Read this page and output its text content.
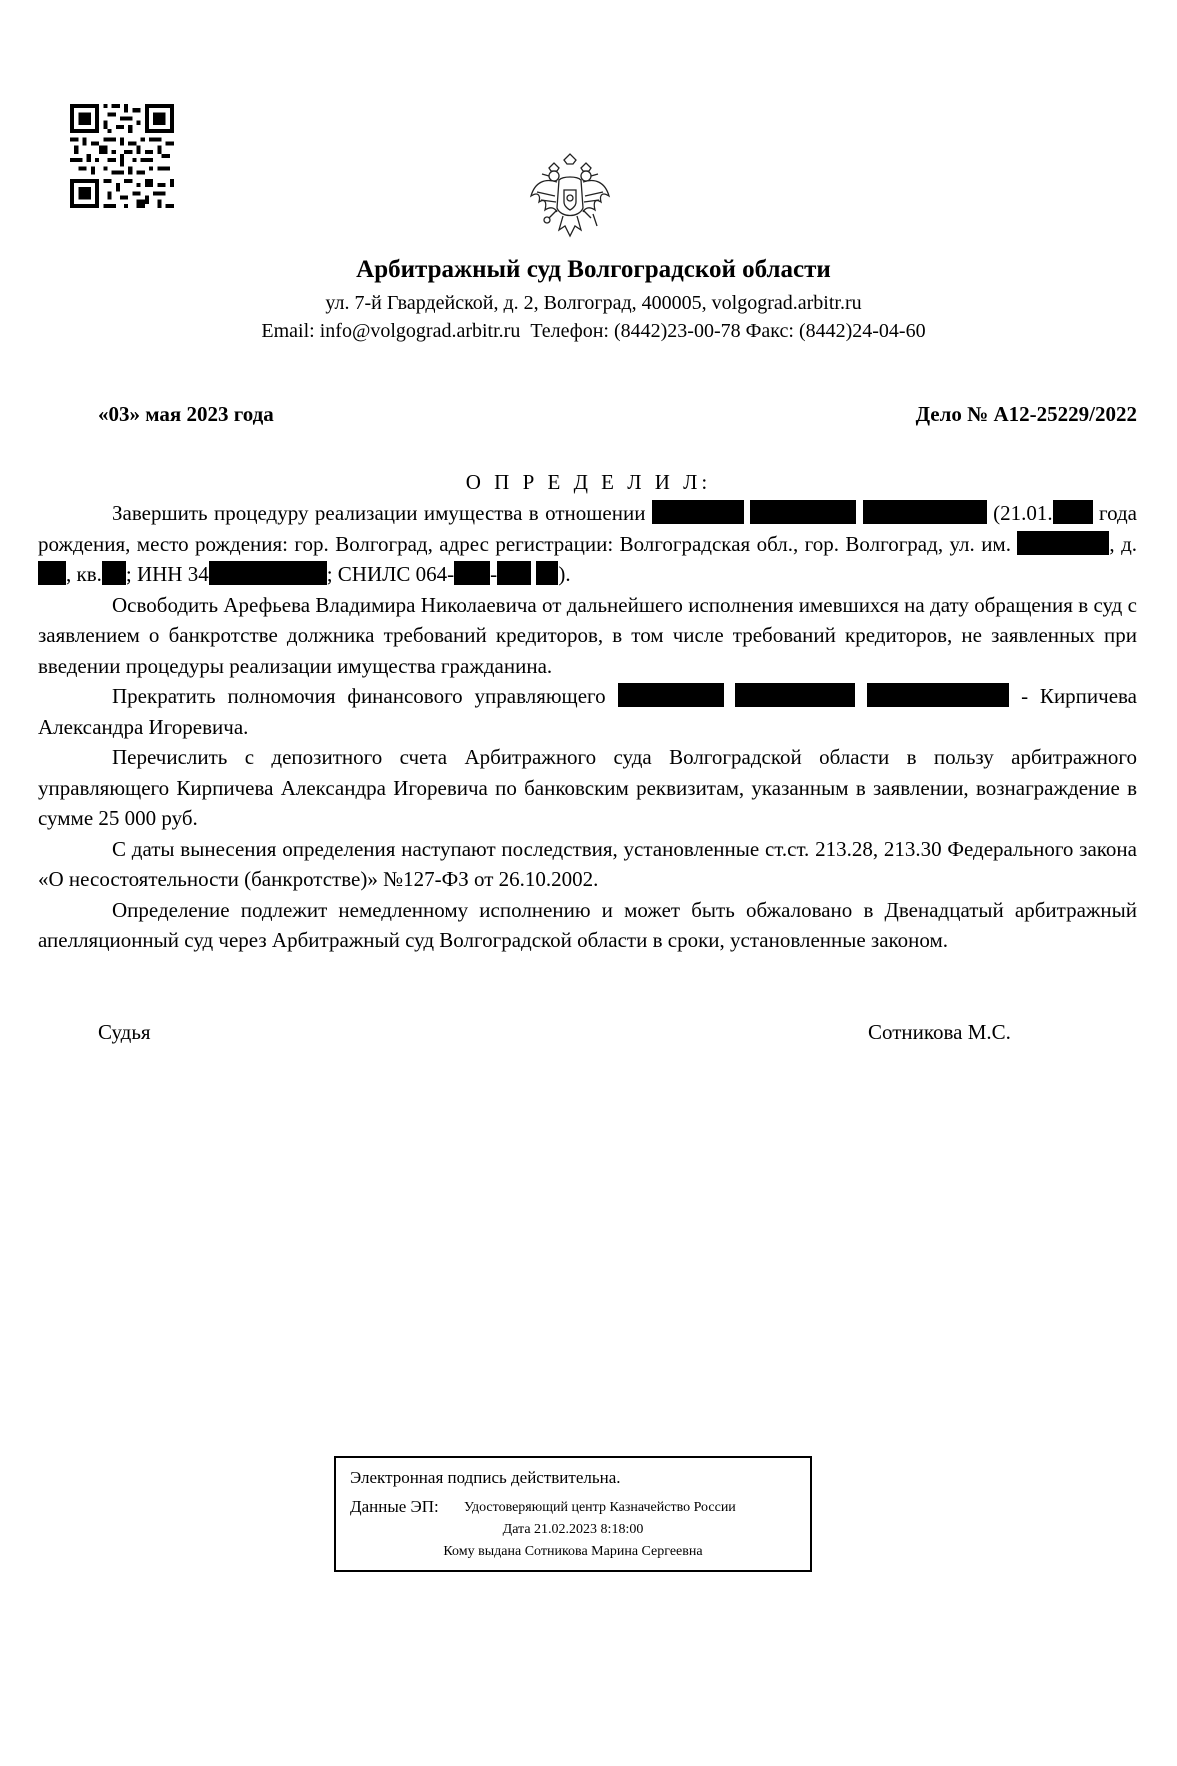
Арбитражный суд Волгоградской области
ул. 7-й Гвардейской, д. 2, Волгоград, 400005, volgograd.arbitr.ru
Email: info@volgograd.arbitr.ru  Телефон: (8442)23-00-78 Факс: (8442)24-04-60
«03» мая 2023 года	Дело № А12-25229/2022
О П Р Е Д Е Л И Л:

Завершить процедуру реализации имущества в отношении	(21.01. года рождения, место рождения: гор. Волгоград, адрес регистрации: Волгоградская обл., гор. Волгоград, ул. им.	, д., кв. ; ИНН 34	; СНИЛС 064- -	).

Освободить Арефьева Владимира Николаевича от дальнейшего исполнения имевшихся на дату обращения в суд с заявлением о банкротстве должника требований кредиторов, в том числе требований кредиторов, не заявленных при введении процедуры реализации имущества гражданина.

Прекратить полномочия финансового управляющего	- Кирпичева Александра Игоревича.

Перечислить с депозитного счета Арбитражного суда Волгоградской области в пользу арбитражного управляющего Кирпичева Александра Игоревича по банковским реквизитам, указанным в заявлении, вознаграждение в сумме 25 000 руб.

С даты вынесения определения наступают последствия, установленные ст.ст. 213.28, 213.30 Федерального закона «О несостоятельности (банкротстве)» №127-ФЗ от 26.10.2002.

Определение подлежит немедленному исполнению и может быть обжаловано в Двенадцатый арбитражный апелляционный суд через Арбитражный суд Волгоградской области в сроки, установленные законом.

Судья	Сотникова М.С.
Электронная подпись действительна.
Данные ЭП: Удостоверяющий центр Казначейство России
Дата 21.02.2023 8:18:00
Кому выдана Сотникова Марина Сергеевна
